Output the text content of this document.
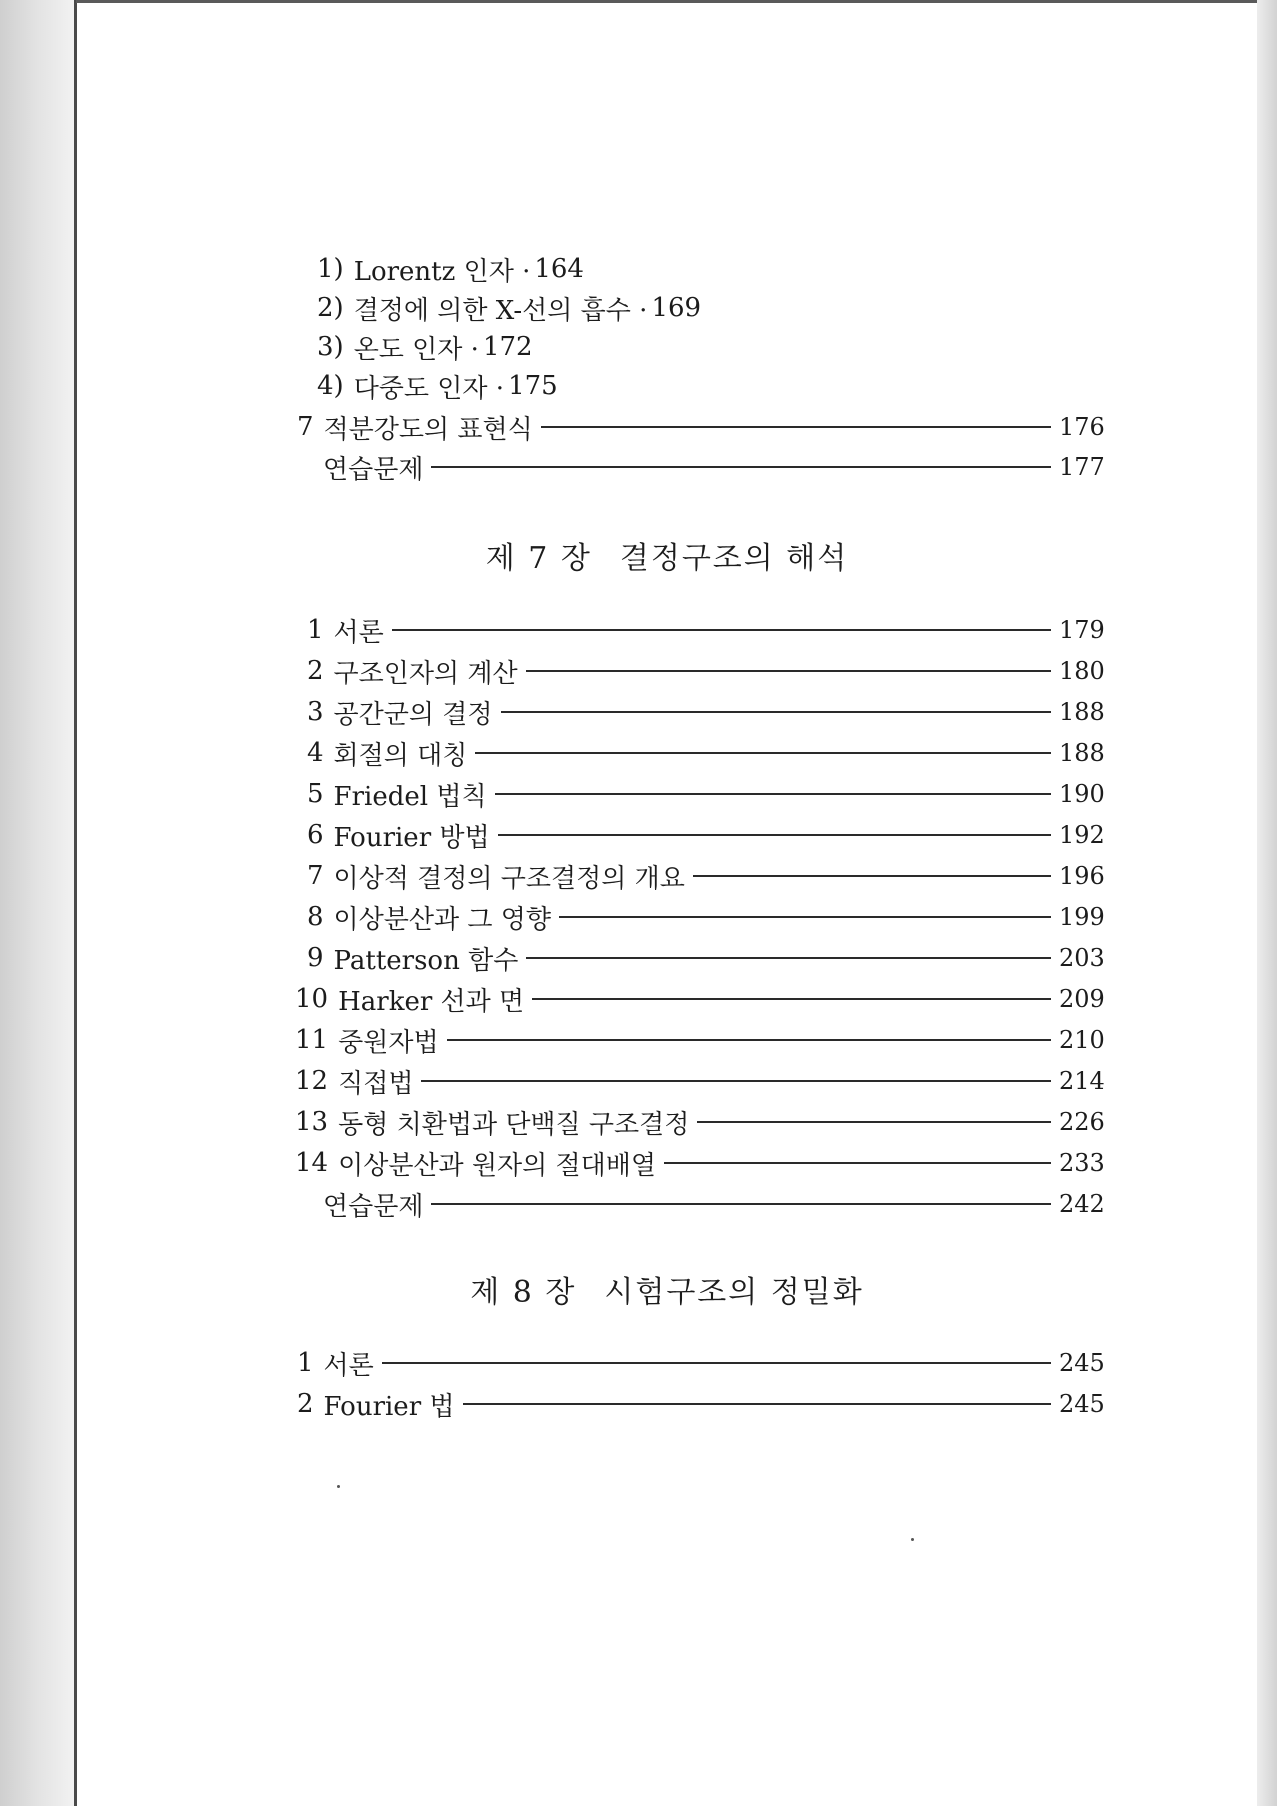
1) Lorentz 인자 · 164
2) 결정에 의한 X-선의 흡수 · 169
3) 온도 인자 · 172
4) 다중도 인자 · 175
7 적분강도의 표현식	176
연습문제	177
제 7 장 결정구조의 해석
1 서론	179
2 구조인자의 계산	180
3 공간군의 결정	188
4 회절의 대칭	188
5 Friedel 법칙	190
6 Fourier 방법	192
7 이상적 결정의 구조결정의 개요	196
8 이상분산과 그 영향	199
9 Patterson 함수	203
10 Harker 선과 면	209
11 중원자법	210
12 직접법	214
13 동형 치환법과 단백질 구조결정	226
14 이상분산과 원자의 절대배열	233
연습문제	242
제 8 장 시험구조의 정밀화
1 서론	245
2 Fourier 법	245
